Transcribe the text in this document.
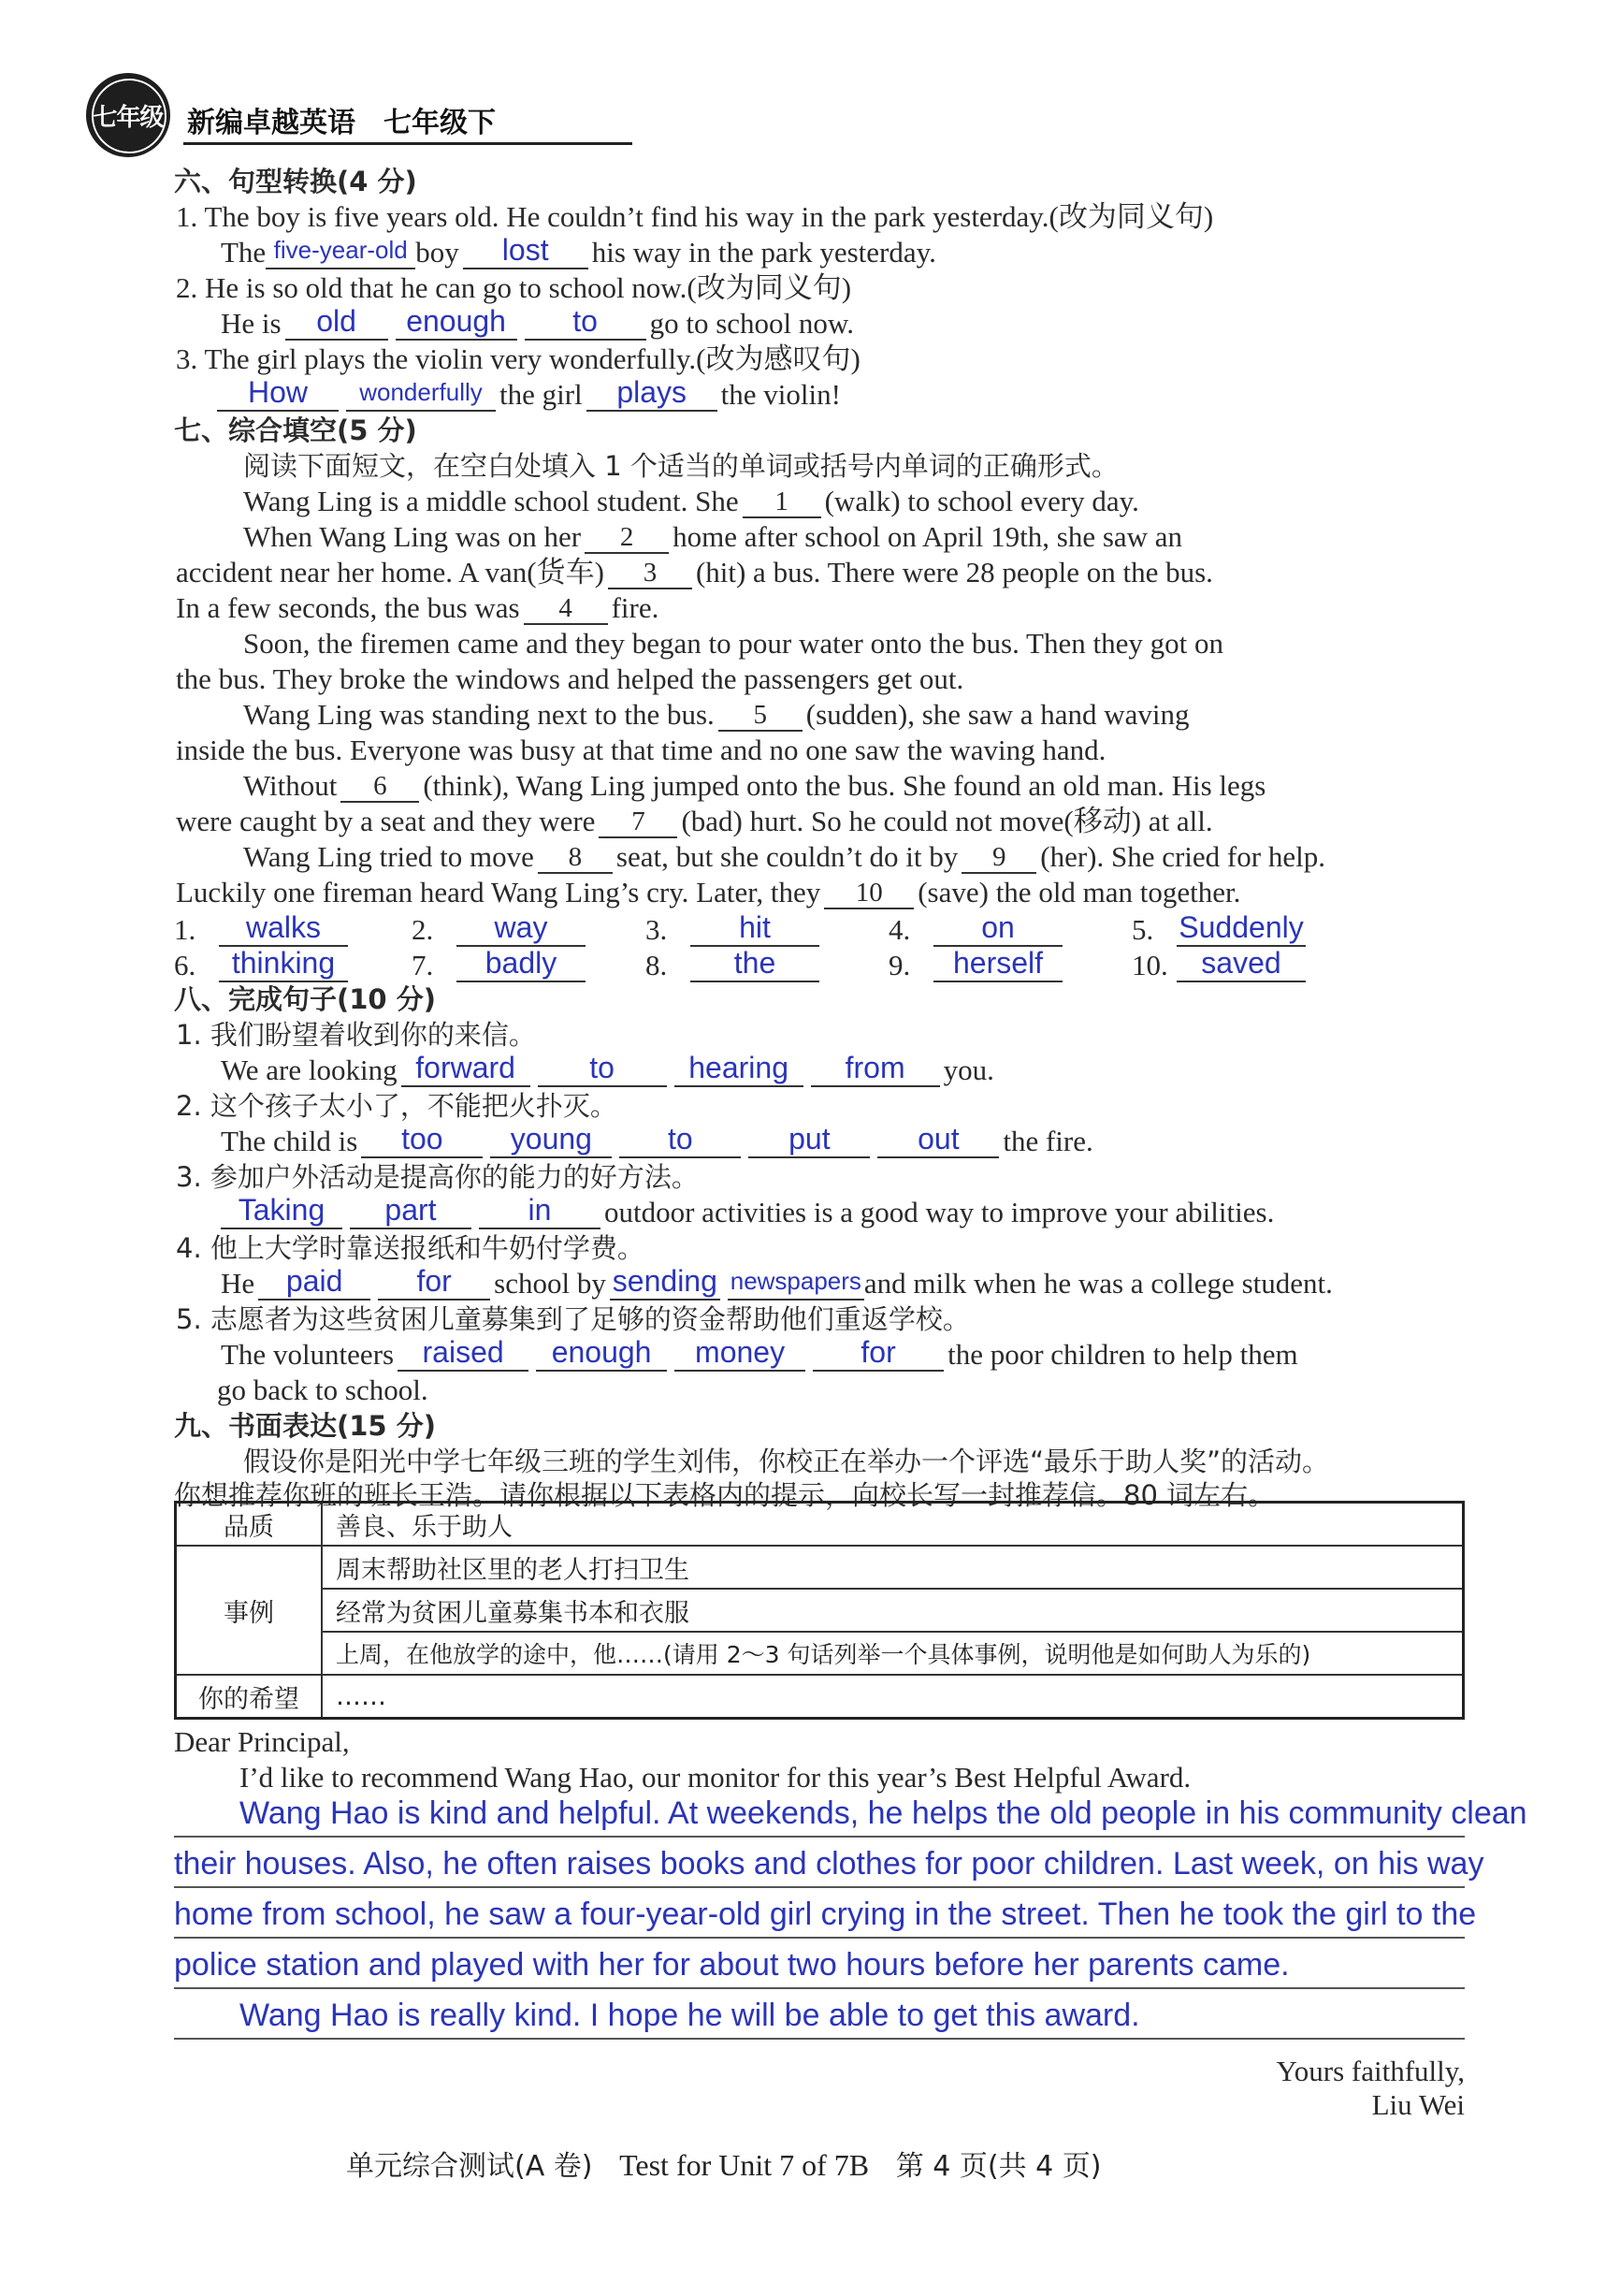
七年级 新编卓越英语　七年级下
六、句型转换(4 分)
1. The boy is five years old. He couldn’t find his way in the park yesterday.(改为同义句)
The five-year-old boy	lost	his way in the park yesterday.
2. He is so old that he can go to school now.(改为同义句)
He is	old	enough	to	go to school now.
3. The girl plays the violin very wonderfully.(改为感叹句)
How	wonderfully the girl	plays	the violin!
七、综合填空(5 分)
阅读下面短文，在空白处填入 1 个适当的单词或括号内单词的正确形式。
Wang Ling is a middle school student. She 1 (walk) to school every day.
When Wang Ling was on her 2 home after school on April 19th, she saw an
accident near her home. A van(货车) 3 (hit) a bus. There were 28 people on the bus.
In a few seconds, the bus was 4 fire.
Soon, the firemen came and they began to pour water onto the bus. Then they got on
the bus. They broke the windows and helped the passengers get out.
Wang Ling was standing next to the bus. 5 (sudden), she saw a hand waving
inside the bus. Everyone was busy at that time and no one saw the waving hand.
Without 6 (think), Wang Ling jumped onto the bus. She found an old man. His legs
were caught by a seat and they were 7 (bad) hurt. So he could not move(移动) at all.
Wang Ling tried to move 8 seat, but she couldn’t do it by 9 (her). She cried for help.
Luckily one fireman heard Wang Ling’s cry. Later, they 10 (save) the old man together.
1.	walks	2.	way	3.	hit	4.	on	5. Suddenly
6.	thinking	7.	badly	8.	the	9.	herself	10.	saved
八、完成句子(10 分)
1. 我们盼望着收到你的来信。
We are looking forward	to	hearing	from	you.
2. 这个孩子太小了，不能把火扑灭。
The child is	too	young	to	put	out	the fire.
3. 参加户外活动是提高你的能力的好方法。
Taking	part	in	outdoor activities is a good way to improve your abilities.
4. 他上大学时靠送报纸和牛奶付学费。
He	paid	for	school by sending newspapers and milk when he was a college student.
5. 志愿者为这些贫困儿童募集到了足够的资金帮助他们重返学校。
The volunteers raised	enough	money	for	the poor children to help them
go back to school.
九、书面表达(15 分)
假设你是阳光中学七年级三班的学生刘伟，你校正在举办一个评选“最乐于助人奖”的活动。
你想推荐你班的班长王浩。请你根据以下表格内的提示，向校长写一封推荐信。80 词左右。
品质	善良、乐于助人
事例	周末帮助社区里的老人打扫卫生
	经常为贫困儿童募集书本和衣服
	上周，在他放学的途中，他……(请用 2～3 句话列举一个具体事例，说明他是如何助人为乐的)
你的希望	……
Dear Principal,
I’d like to recommend Wang Hao, our monitor for this year’s Best Helpful Award.
Wang Hao is kind and helpful. At weekends, he helps the old people in his community clean
their houses. Also, he often raises books and clothes for poor children. Last week, on his way
home from school, he saw a four-year-old girl crying in the street. Then he took the girl to the
police station and played with her for about two hours before her parents came.
Wang Hao is really kind. I hope he will be able to get this award.
Yours faithfully,
Liu Wei
单元综合测试(A 卷) Test for Unit 7 of 7B 第 4 页(共 4 页)
